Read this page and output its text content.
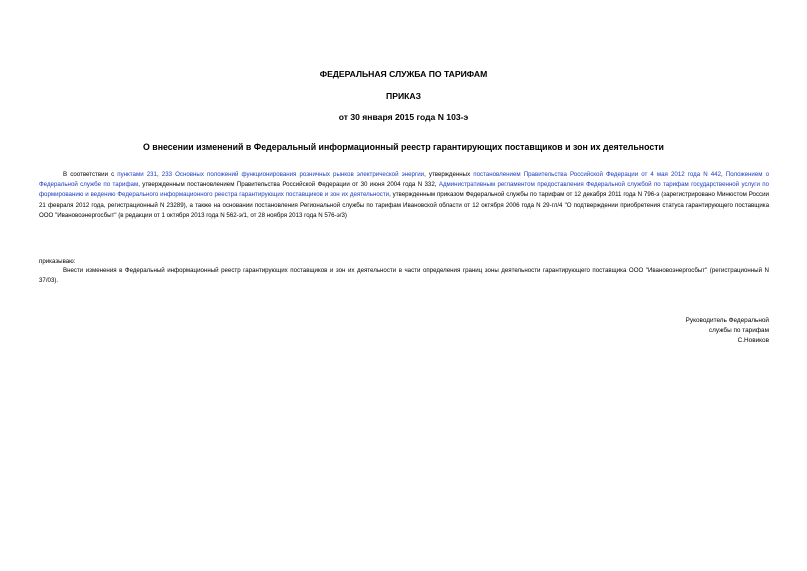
ФЕДЕРАЛЬНАЯ СЛУЖБА ПО ТАРИФАМ
ПРИКАЗ
от 30 января 2015 года N 103-э
О внесении изменений в Федеральный информационный реестр гарантирующих поставщиков и зон их деятельности
В соответствии с пунктами 231, 233 Основных положений функционирования розничных рынков электрической энергии, утвержденных постановлением Правительства Российской Федерации от 4 мая 2012 года N 442, Положением о Федеральной службе по тарифам, утвержденным постановлением Правительства Российской Федерации от 30 июня 2004 года N 332, Административным регламентом предоставления Федеральной службой по тарифам государственной услуги по формированию и ведению Федерального информационного реестра гарантирующих поставщиков и зон их деятельности, утвержденным приказом Федеральной службы по тарифам от 12 декабря 2011 года N 796-э (зарегистрировано Минюстом России 21 февраля 2012 года, регистрационный N 23289), а также на основании постановления Региональной службы по тарифам Ивановской области от 12 октября 2006 года N 29-гл/4 "О подтверждении приобретения статуса гарантирующего поставщика ООО "Ивановоэнергосбыт" (в редакции от 1 октября 2013 года N 562-э/1, от 28 ноября 2013 года N 576-э/3)
приказываю:
Внести изменения в Федеральный информационный реестр гарантирующих поставщиков и зон их деятельности в части определения границ зоны деятельности гарантирующего поставщика ООО "Ивановоэнергосбыт" (регистрационный N 37/03).
Руководитель Федеральной
службы по тарифам
С.Новиков
